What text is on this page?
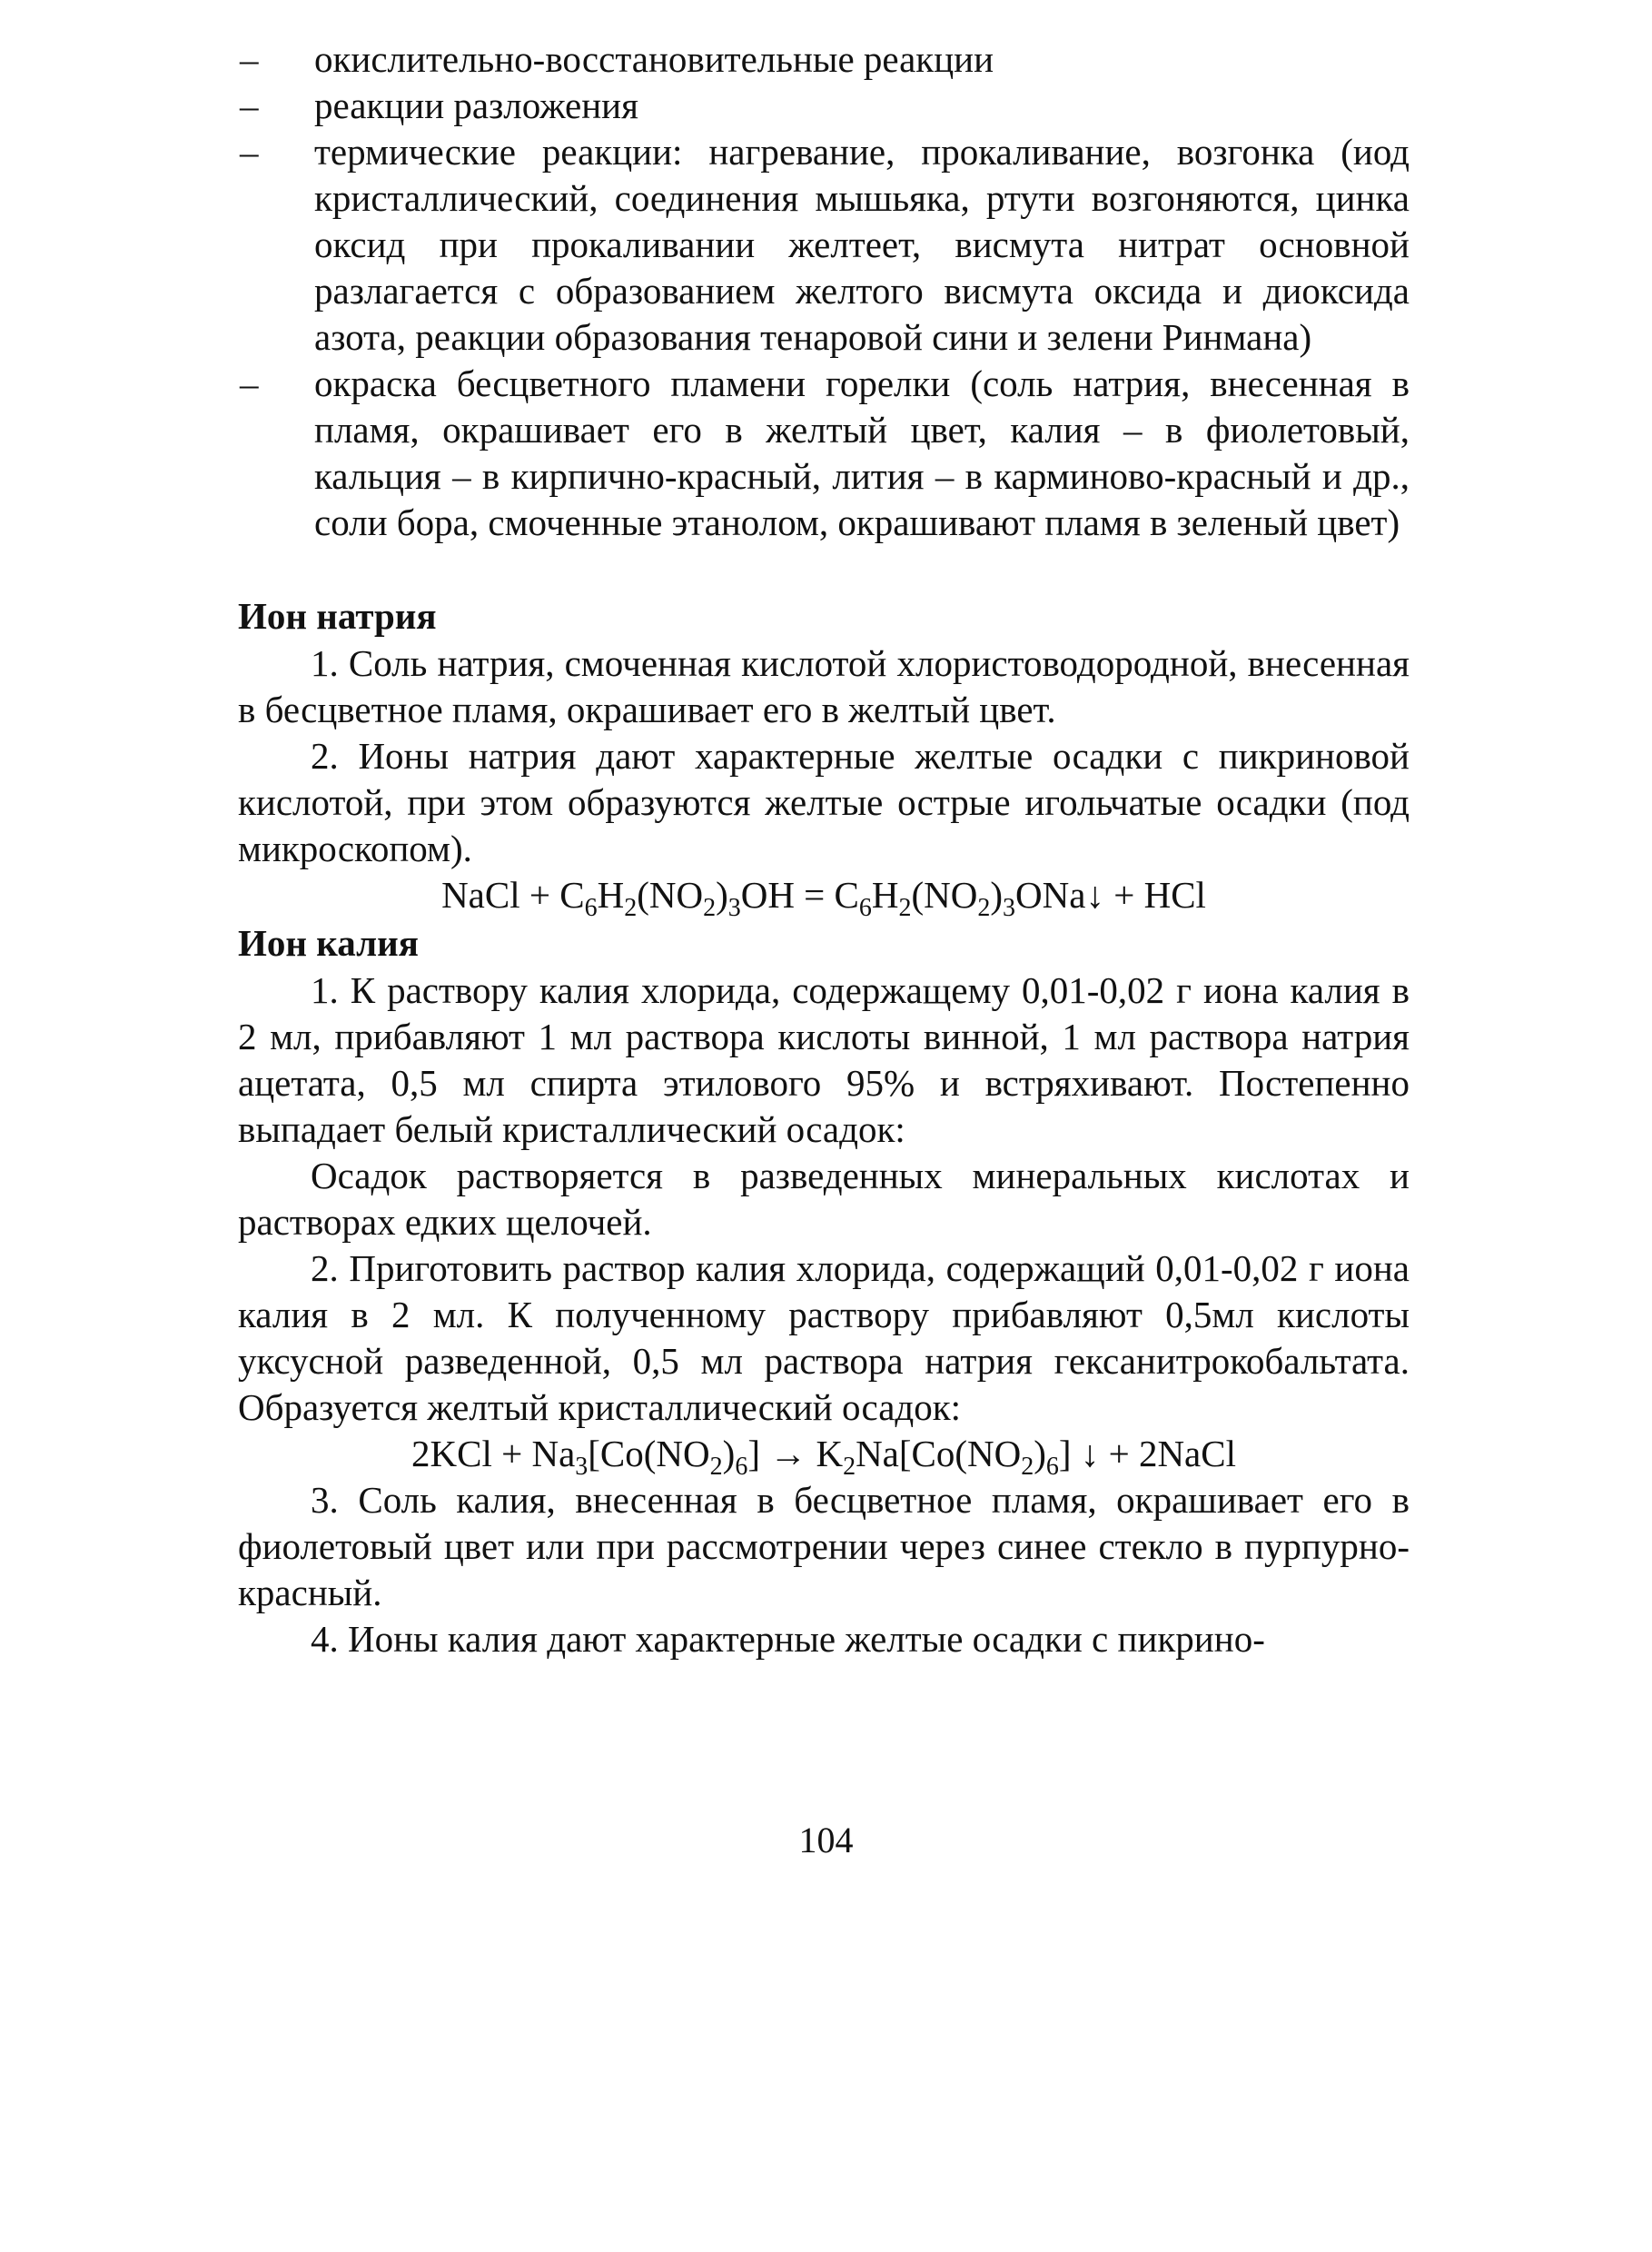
–	окислительно-восстановительные реакции
–	реакции разложения
–	термические реакции: нагревание, прокаливание, возгонка (иод кристаллический, соединения мышьяка, ртути возгоняются, цинка оксид при прокаливании желтеет, висмута нитрат основной разлагается с образованием желтого висмута оксида и диоксида азота, реакции образования тенаровой сини и зелени Ринмана)
–	окраска бесцветного пламени горелки (соль натрия, внесенная в пламя, окрашивает его в желтый цвет, калия – в фиолетовый, кальция – в кирпично-красный, лития – в карминово-красный и др., соли бора, смоченные этанолом, окрашивают пламя в зеленый цвет)
Ион натрия

1. Соль натрия, смоченная кислотой хлористоводородной, внесенная в бесцветное пламя, окрашивает его в желтый цвет.

2. Ионы натрия дают характерные желтые осадки с пикриновой кислотой, при этом образуются желтые острые игольчатые осадки (под микроскопом).

NaCl + $C_6H_2(NO_2)_3OH$ = $C_6H_2(NO_2)_3ONa↓$ + HCl

Ион калия

1. К раствору калия хлорида, содержащему 0,01-0,02 г иона калия в 2 мл, прибавляют 1 мл раствора кислоты винной, 1 мл раствора натрия ацетата, 0,5 мл спирта этилового 95% и встряхивают. Постепенно выпадает белый кристаллический осадок:

Осадок растворяется в разведенных минеральных кислотах и растворах едких щелочей.

2. Приготовить раствор калия хлорида, содержащий 0,01-0,02 г иона калия в 2 мл. К полученному раствору прибавляют 0,5мл кислоты уксусной разведенной, 0,5 мл раствора натрия гексанитрокобальтата. Образуется желтый кристаллический осадок:

$2KCl + Na_3[Co(NO_2)_6] \to K_2Na[Co(NO_2)_6]$ ↓ + 2NaCl

3. Соль калия, внесенная в бесцветное пламя, окрашивает его в фиолетовый цвет или при рассмотрении через синее стекло в пурпурно-красный.

4. Ионы калия дают характерные желтые осадки с пикрино-

104
